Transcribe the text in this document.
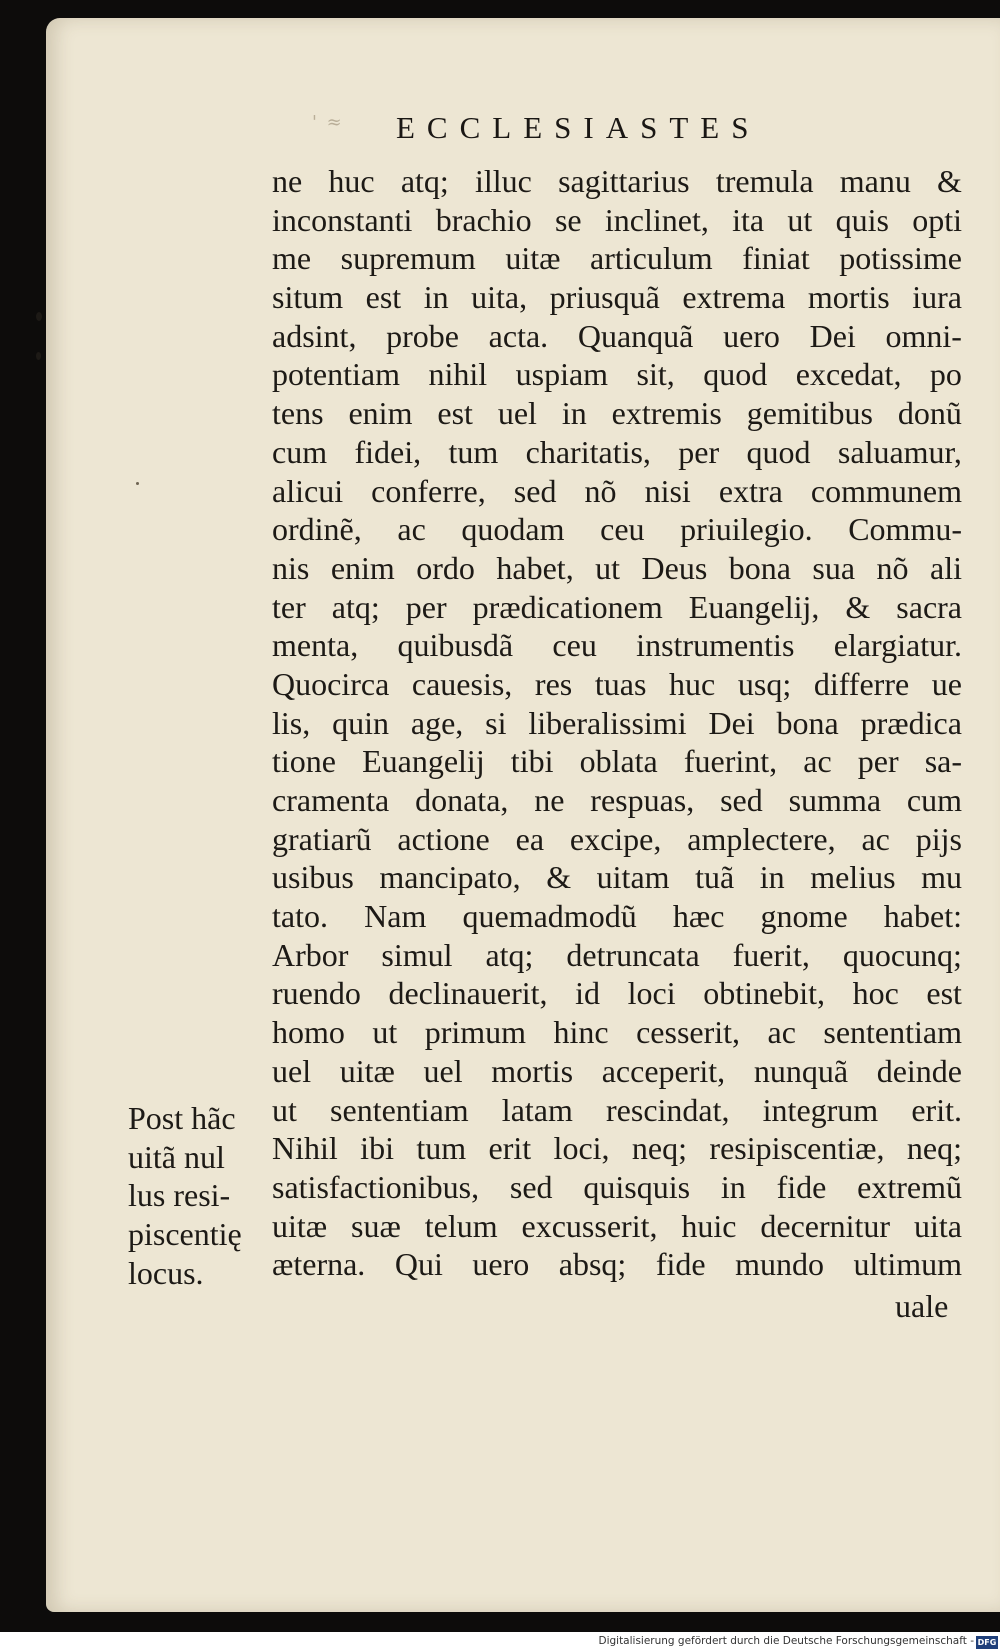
' ≈ ECCLESIASTES
ne huc atq; illuc sagittarius tremula manu &
inconstanti brachio se inclinet, ita ut quis opti
me supremum uitæ articulum finiat potissime
situm est in uita, priusquã extrema mortis iura
adsint, probe acta. Quanquã uero Dei omni-
potentiam nihil uspiam sit, quod excedat, po
tens enim est uel in extremis gemitibus donũ
cum fidei, tum charitatis, per quod saluamur,
alicui conferre, sed nõ nisi extra communem
ordinẽ, ac quodam ceu priuilegio. Commu-
nis enim ordo habet, ut Deus bona sua nõ ali
ter atq; per prædicationem Euangelij, & sacra
menta, quibusdã ceu instrumentis elargiatur.
Quocirca cauesis, res tuas huc usq; differre ue
lis, quin age, si liberalissimi Dei bona prædica
tione Euangelij tibi oblata fuerint, ac per sa-
cramenta donata, ne respuas, sed summa cum
gratiarũ actione ea excipe, amplectere, ac pijs
usibus mancipato, & uitam tuã in melius mu
tato. Nam quemadmodũ hæc gnome habet:
Arbor simul atq; detruncata fuerit, quocunq;
ruendo declinauerit, id loci obtinebit, hoc est
homo ut primum hinc cesserit, ac sententiam
uel uitæ uel mortis acceperit, nunquã deinde
ut sententiam latam rescindat, integrum erit.
Nihil ibi tum erit loci, neq; resipiscentiæ, neq;
satisfactionibus, sed quisquis in fide extremũ
uitæ suæ telum excusserit, huic decernitur uita
æterna. Qui uero absq; fide mundo ultimum
uale
Post hãc
uitã nul
lus resi-
piscentię
locus.
Digitalisierung gefördert durch die Deutsche Forschungsgemeinschaft - DFG
